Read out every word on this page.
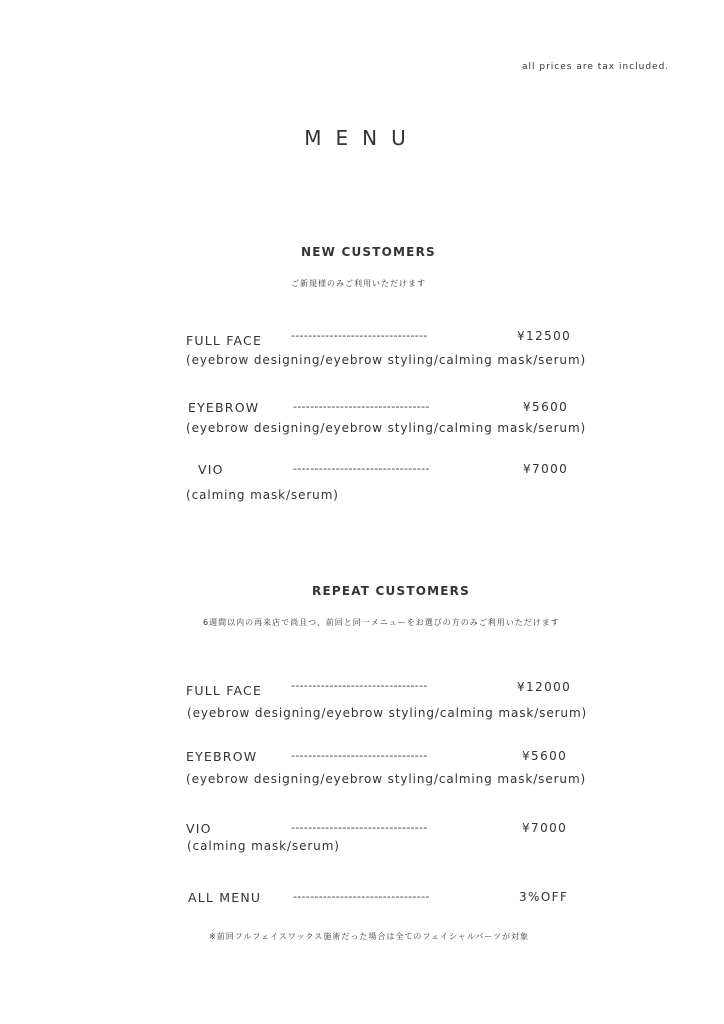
all prices are tax included.
MENU
NEW CUSTOMERS
ご新規様のみご利用いただけます
FULL FACE	--------------------------------	¥12500
(eyebrow designing/eyebrow styling/calming mask/serum)
EYEBROW	--------------------------------	¥5600
(eyebrow designing/eyebrow styling/calming mask/serum)
VIO	--------------------------------	¥7000
(calming mask/serum)
REPEAT CUSTOMERS
6週間以内の再来店で尚且つ、前回と同一メニューをお選びの方のみご利用いただけます
FULL FACE	--------------------------------	¥12000
(eyebrow designing/eyebrow styling/calming mask/serum)
EYEBROW	--------------------------------	¥5600
(eyebrow designing/eyebrow styling/calming mask/serum)
VIO	--------------------------------	¥7000
(calming mask/serum)
ALL MENU	--------------------------------	3%OFF
※前回フルフェイスワックス施術だった場合は全てのフェイシャルパーツが対象
